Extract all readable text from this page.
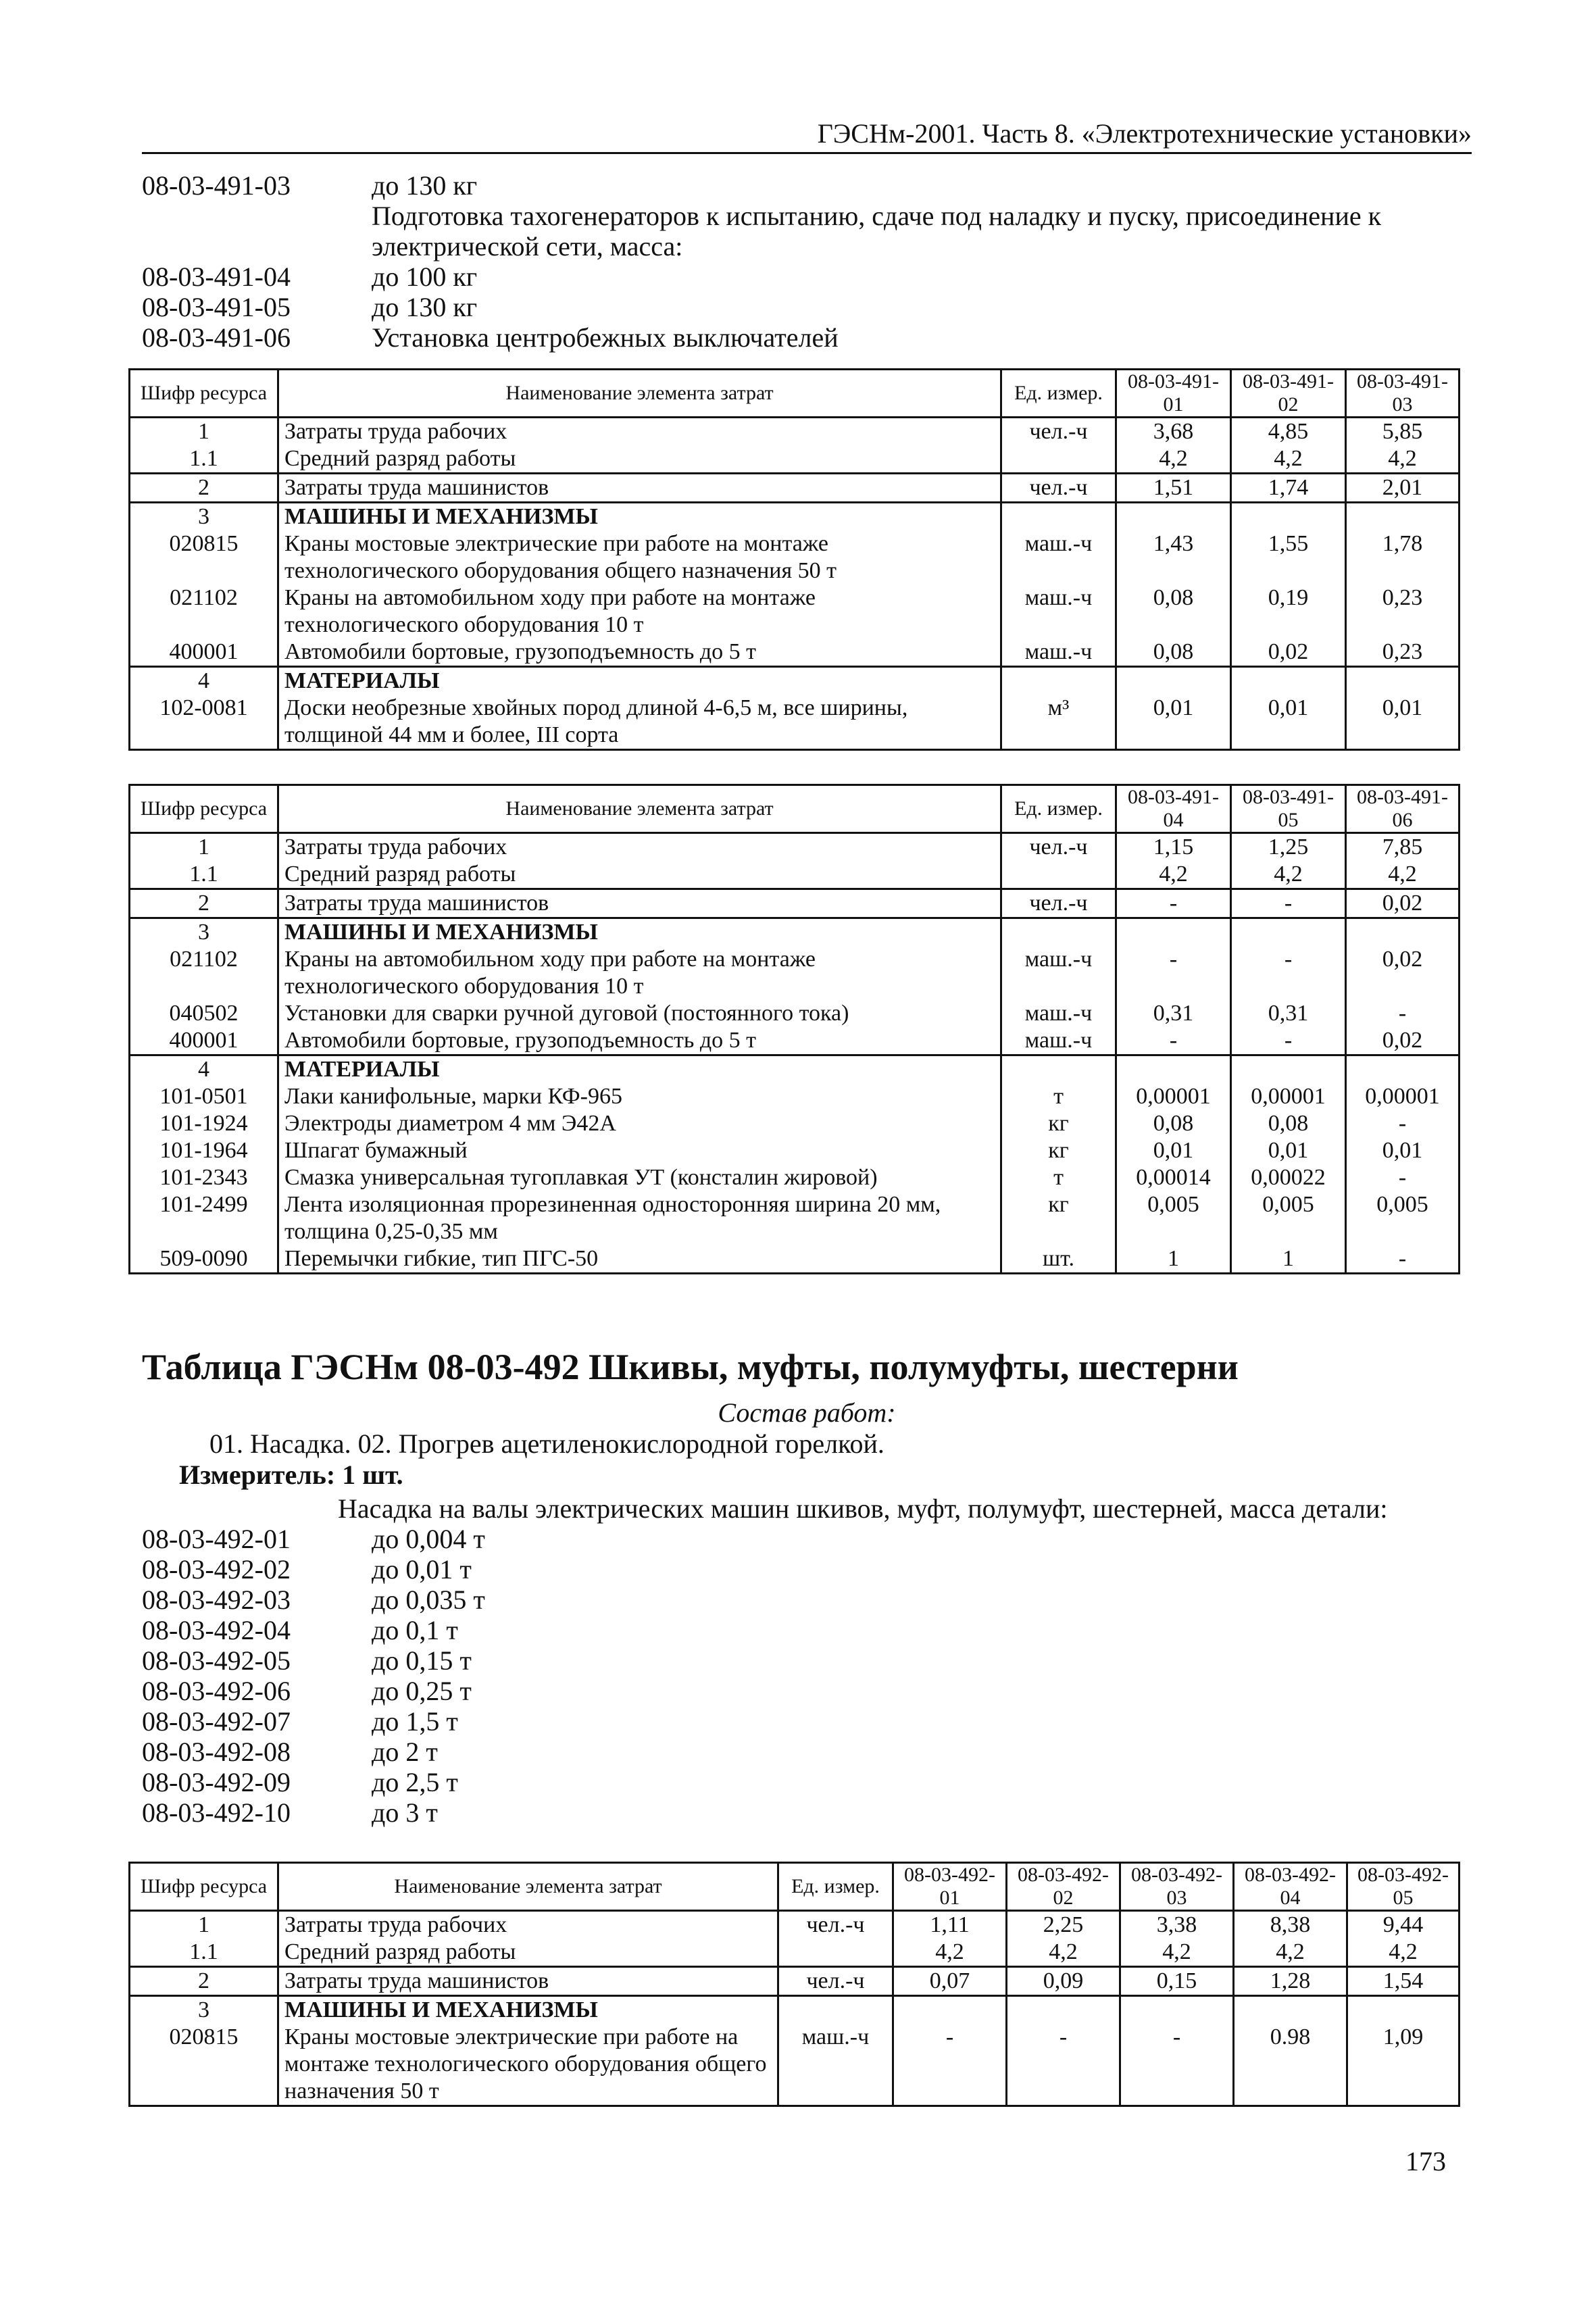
ГЭСНм-2001. Часть 8. «Электротехнические установки»
08-03-491-03	до 130 кг
Подготовка тахогенераторов к испытанию, сдаче под наладку и пуску, присоединение к электрической сети, масса:
08-03-491-04	до 100 кг
08-03-491-05	до 130 кг
08-03-491-06	Установка центробежных выключателей
Шифр ресурса	Наименование элемента затрат	Ед. измер.	08-03-491-01	08-03-491-02	08-03-491-03
1	Затраты труда рабочих	чел.-ч	3,68	4,85	5,85
1.1	Средний разряд работы		4,2	4,2	4,2
2	Затраты труда машинистов	чел.-ч	1,51	1,74	2,01
3	МАШИНЫ И МЕХАНИЗМЫ				
020815	Краны мостовые электрические при работе на монтаже технологического оборудования общего назначения 50 т	маш.-ч	1,43	1,55	1,78
021102	Краны на автомобильном ходу при работе на монтаже технологического оборудования 10 т	маш.-ч	0,08	0,19	0,23
400001	Автомобили бортовые, грузоподъемность до 5 т	маш.-ч	0,08	0,02	0,23
4	МАТЕРИАЛЫ				
102-0081	Доски необрезные хвойных пород длиной 4-6,5 м, все ширины, толщиной 44 мм и более, III сорта	м³	0,01	0,01	0,01
Шифр ресурса	Наименование элемента затрат	Ед. измер.	08-03-491-04	08-03-491-05	08-03-491-06
1	Затраты труда рабочих	чел.-ч	1,15	1,25	7,85
1.1	Средний разряд работы		4,2	4,2	4,2
2	Затраты труда машинистов	чел.-ч	-	-	0,02
3	МАШИНЫ И МЕХАНИЗМЫ				
021102	Краны на автомобильном ходу при работе на монтаже технологического оборудования 10 т	маш.-ч	-	-	0,02
040502	Установки для сварки ручной дуговой (постоянного тока)	маш.-ч	0,31	0,31	-
400001	Автомобили бортовые, грузоподъемность до 5 т	маш.-ч	-	-	0,02
4	МАТЕРИАЛЫ				
101-0501	Лаки канифольные, марки КФ-965	т	0,00001	0,00001	0,00001
101-1924	Электроды диаметром 4 мм Э42А	кг	0,08	0,08	-
101-1964	Шпагат бумажный	кг	0,01	0,01	0,01
101-2343	Смазка универсальная тугоплавкая УТ (консталин жировой)	т	0,00014	0,00022	-
101-2499	Лента изоляционная прорезиненная односторонняя ширина 20 мм, толщина 0,25-0,35 мм	кг	0,005	0,005	0,005
509-0090	Перемычки гибкие, тип ПГС-50	шт.	1	1	-
Таблица ГЭСНм 08-03-492 Шкивы, муфты, полумуфты, шестерни
Состав работ:
01. Насадка. 02. Прогрев ацетиленокислородной горелкой.
Измеритель: 1 шт.
Насадка на валы электрических машин шкивов, муфт, полумуфт, шестерней, масса детали:
08-03-492-01	до 0,004 т
08-03-492-02	до 0,01 т
08-03-492-03	до 0,035 т
08-03-492-04	до 0,1 т
08-03-492-05	до 0,15 т
08-03-492-06	до 0,25 т
08-03-492-07	до 1,5 т
08-03-492-08	до 2 т
08-03-492-09	до 2,5 т
08-03-492-10	до 3 т
Шифр ресурса	Наименование элемента затрат	Ед. измер.	08-03-492-01	08-03-492-02	08-03-492-03	08-03-492-04	08-03-492-05
1	Затраты труда рабочих	чел.-ч	1,11	2,25	3,38	8,38	9,44
1.1	Средний разряд работы		4,2	4,2	4,2	4,2	4,2
2	Затраты труда машинистов	чел.-ч	0,07	0,09	0,15	1,28	1,54
3	МАШИНЫ И МЕХАНИЗМЫ						
020815	Краны мостовые электрические при работе на монтаже технологического оборудования общего назначения 50 т	маш.-ч	-	-	-	0.98	1,09
173
